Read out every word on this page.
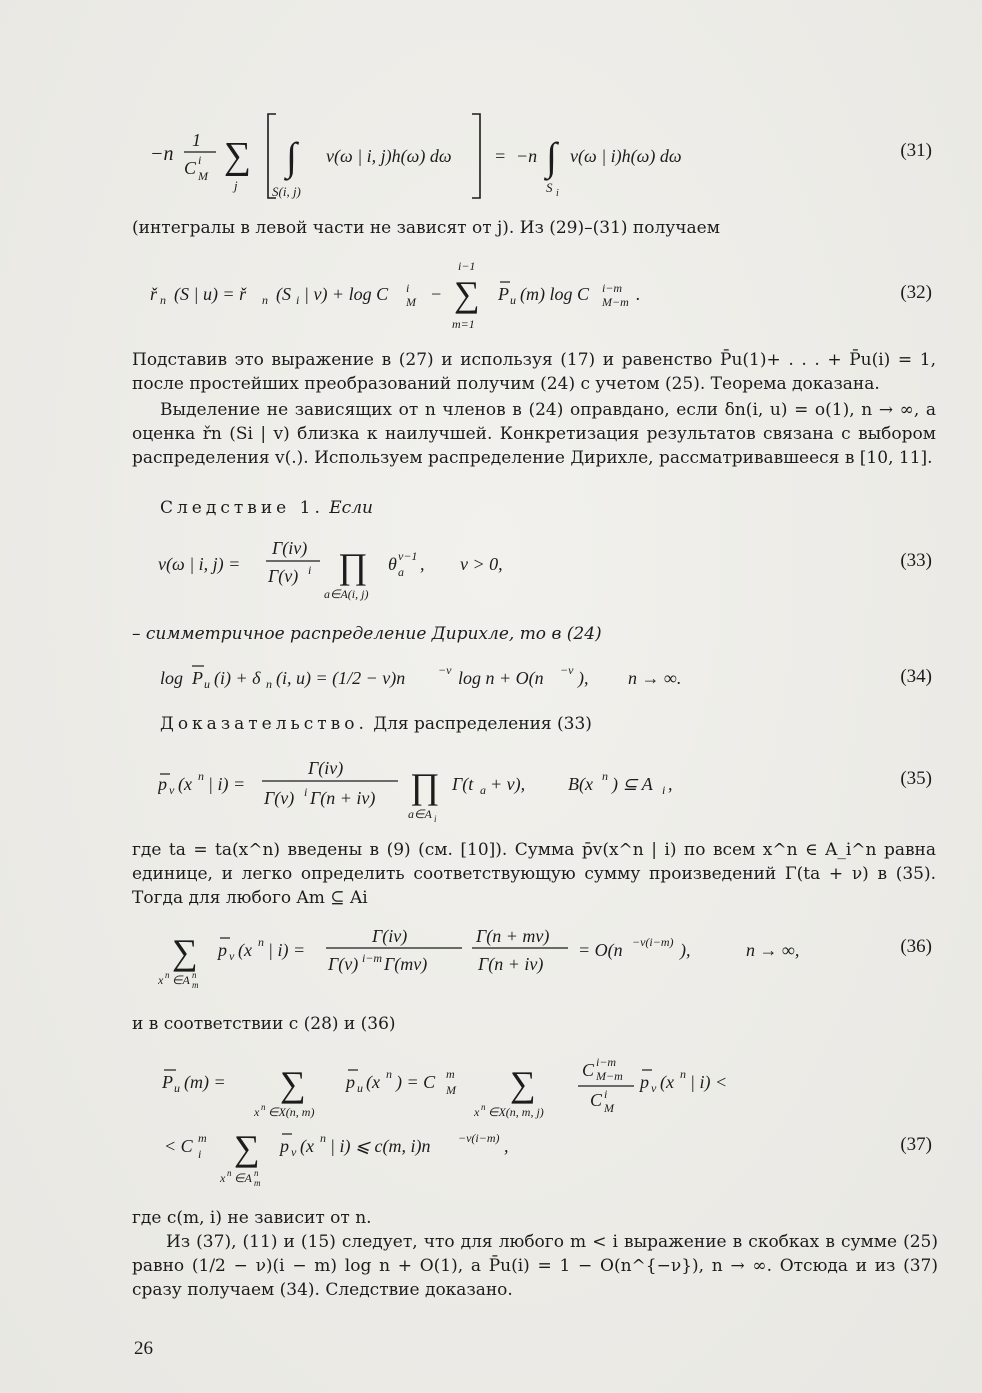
−n
1
C i
M ∑
j
∫
S(i, j)
v(ω | i, j)h(ω) dω = −n ∫
S i
v(ω | i)h(ω) dω	(31)
(интегралы в левой части не зависят от j). Из (29)–(31) получаем
ř n (S | u) = ř n (S i | v) + log C i
M − ∑
i−1
m=1
P u (m) log C i−m
M−m .	(32)
Подставив это выражение в (27) и используя (17) и равенство P̄u(1)+ . . . + P̄u(i) = 1, после простейших преобразований получим (24) с учетом (25). Теорема доказана.
Выделение не зависящих от n членов в (24) оправдано, если δn(i, u) = o(1), n → ∞, а оценка řn (Si | v) близка к наилучшей. Конкретизация результатов связана с выбором распределения v(.). Используем распределение Дирихле, рассматривавшееся в [10, 11].
Следствие 1. Если
v(ω | i, j) =
Γ(iν)
Γ(ν) i ∏
a∈A(i, j)
θ ν−1
a , ν > 0,	(33)
– симметричное распределение Дирихле, то в (24)
log P u (i) + δ n (i, u) = (1/2 − ν)n	−ν log n + O(n −ν ), n → ∞.	(34)
Доказательство. Для распределения (33)
p v (x n | i) =
Γ(iν)
Γ(ν) i Γ(n + iν) ∏
a∈A i
Γ(t a + ν), B(x n ) ⊆ A i ,	(35)
где ta = ta(x^n) введены в (9) (см. [10]). Сумма p̄v(x^n | i) по всем x^n ∈ A_i^n равна единице, и легко определить соответствующую сумму произведений Γ(ta + ν) в (35). Тогда для любого Am ⊆ Ai
∑
x n ∈A n
m
p v (x n | i) =
Γ(iν)
Γ(ν) i−m Γ(mν)
Γ(n + mν)
Γ(n + iν)
= O(n −ν(i−m) ),	n → ∞,	(36)
и в соответствии с (28) и (36)
P u (m) = ∑
x n ∈X(n, m)
p u (x n ) = C m
M ∑
x n ∈X(n, m, j)
C i−m
M−m
C i
M
p v (x n | i) <
< C m
i ∑
x n ∈A n
m
p v (x n | i) ⩽ c(m, i)n −ν(i−m) ,	(37)
где c(m, i) не зависит от n.
Из (37), (11) и (15) следует, что для любого m < i выражение в скобках в сумме (25) равно (1/2 − ν)(i − m) log n + O(1), а P̄u(i) = 1 − O(n^{−ν}), n → ∞. Отсюда и из (37) сразу получаем (34). Следствие доказано.
26
